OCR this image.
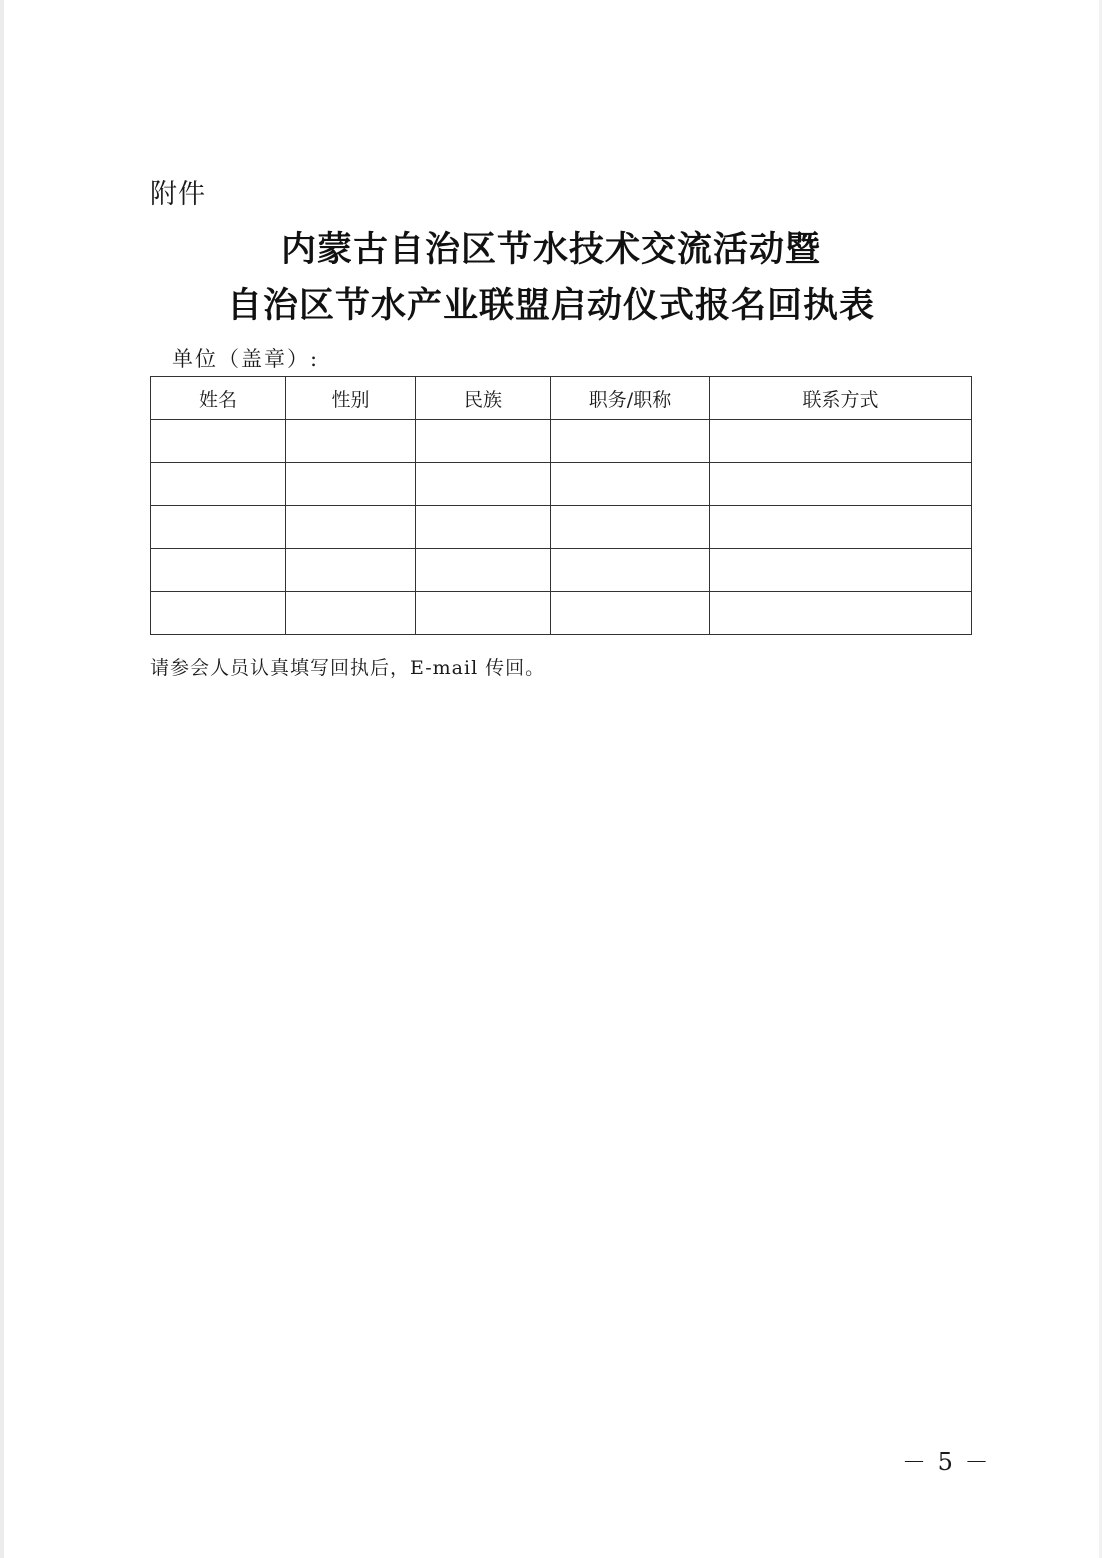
附件
内蒙古自治区节水技术交流活动暨
自治区节水产业联盟启动仪式报名回执表
单位（盖章）:
姓名	性别	民族	职务/职称	联系方式

请参会人员认真填写回执后，E-mail 传回。
－ 5 －
